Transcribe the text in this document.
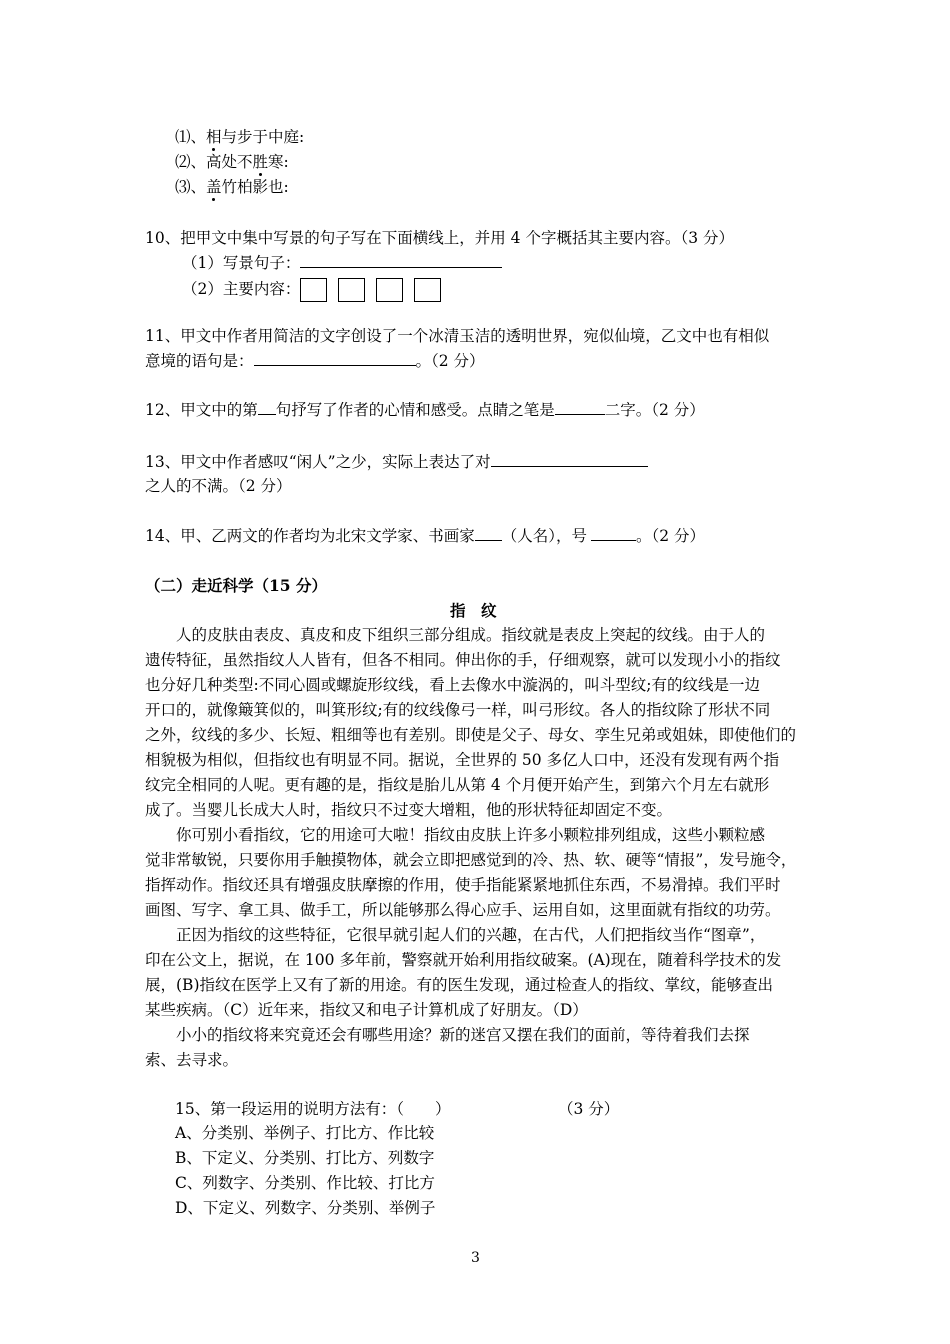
⑴、相与步于中庭:
⑵、高处不胜寒:
⑶、盖竹柏影也:
10、把甲文中集中写景的句子写在下面横线上，并用 4 个字概括其主要内容。（3 分）
（1）写景句子：
（2）主要内容：
11、甲文中作者用简洁的文字创设了一个冰清玉洁的透明世界，宛似仙境，乙文中也有相似
意境的语句是：	。（2 分）
12、甲文中的第 句抒写了作者的心情和感受。点睛之笔是	二字。（2 分）
13、甲文中作者感叹“闲人”之少，实际上表达了对
之人的不满。（2 分）
14、甲、乙两文的作者均为北宋文学家、书画家 （人名），号	。（2 分）
（二）走近科学（15 分）
指　纹
　　人的皮肤由表皮、真皮和皮下组织三部分组成。指纹就是表皮上突起的纹线。由于人的
遗传特征，虽然指纹人人皆有，但各不相同。伸出你的手，仔细观察，就可以发现小小的指纹
也分好几种类型:不同心圆或螺旋形纹线，看上去像水中漩涡的，叫斗型纹;有的纹线是一边
开口的，就像簸箕似的，叫箕形纹;有的纹线像弓一样，叫弓形纹。各人的指纹除了形状不同
之外，纹线的多少、长短、粗细等也有差别。即使是父子、母女、孪生兄弟或姐妹，即使他们的
相貌极为相似，但指纹也有明显不同。据说，全世界的 50 多亿人口中，还没有发现有两个指
纹完全相同的人呢。更有趣的是，指纹是胎儿从第 4 个月便开始产生，到第六个月左右就形
成了。当婴儿长成大人时，指纹只不过变大增粗，他的形状特征却固定不变。
　　你可别小看指纹，它的用途可大啦！指纹由皮肤上许多小颗粒排列组成，这些小颗粒感
觉非常敏锐，只要你用手触摸物体，就会立即把感觉到的冷、热、软、硬等“情报”，发号施令，
指挥动作。指纹还具有增强皮肤摩擦的作用，使手指能紧紧地抓住东西，不易滑掉。我们平时
画图、写字、拿工具、做手工，所以能够那么得心应手、运用自如，这里面就有指纹的功劳。
　　正因为指纹的这些特征，它很早就引起人们的兴趣，在古代，人们把指纹当作“图章”，
印在公文上，据说，在 100 多年前，警察就开始利用指纹破案。(A)现在，随着科学技术的发
展，(B)指纹在医学上又有了新的用途。有的医生发现，通过检查人的指纹、掌纹，能够查出
某些疾病。（C）近年来，指纹又和电子计算机成了好朋友。（D）
　　小小的指纹将来究竟还会有哪些用途？新的迷宫又摆在我们的面前，等待着我们去探
索、去寻求。
15、第一段运用的说明方法有：（　　）	（3 分）
A、分类别、举例子、打比方、作比较
B、下定义、分类别、打比方、列数字
C、列数字、分类别、作比较、打比方
D、下定义、列数字、分类别、举例子
3
